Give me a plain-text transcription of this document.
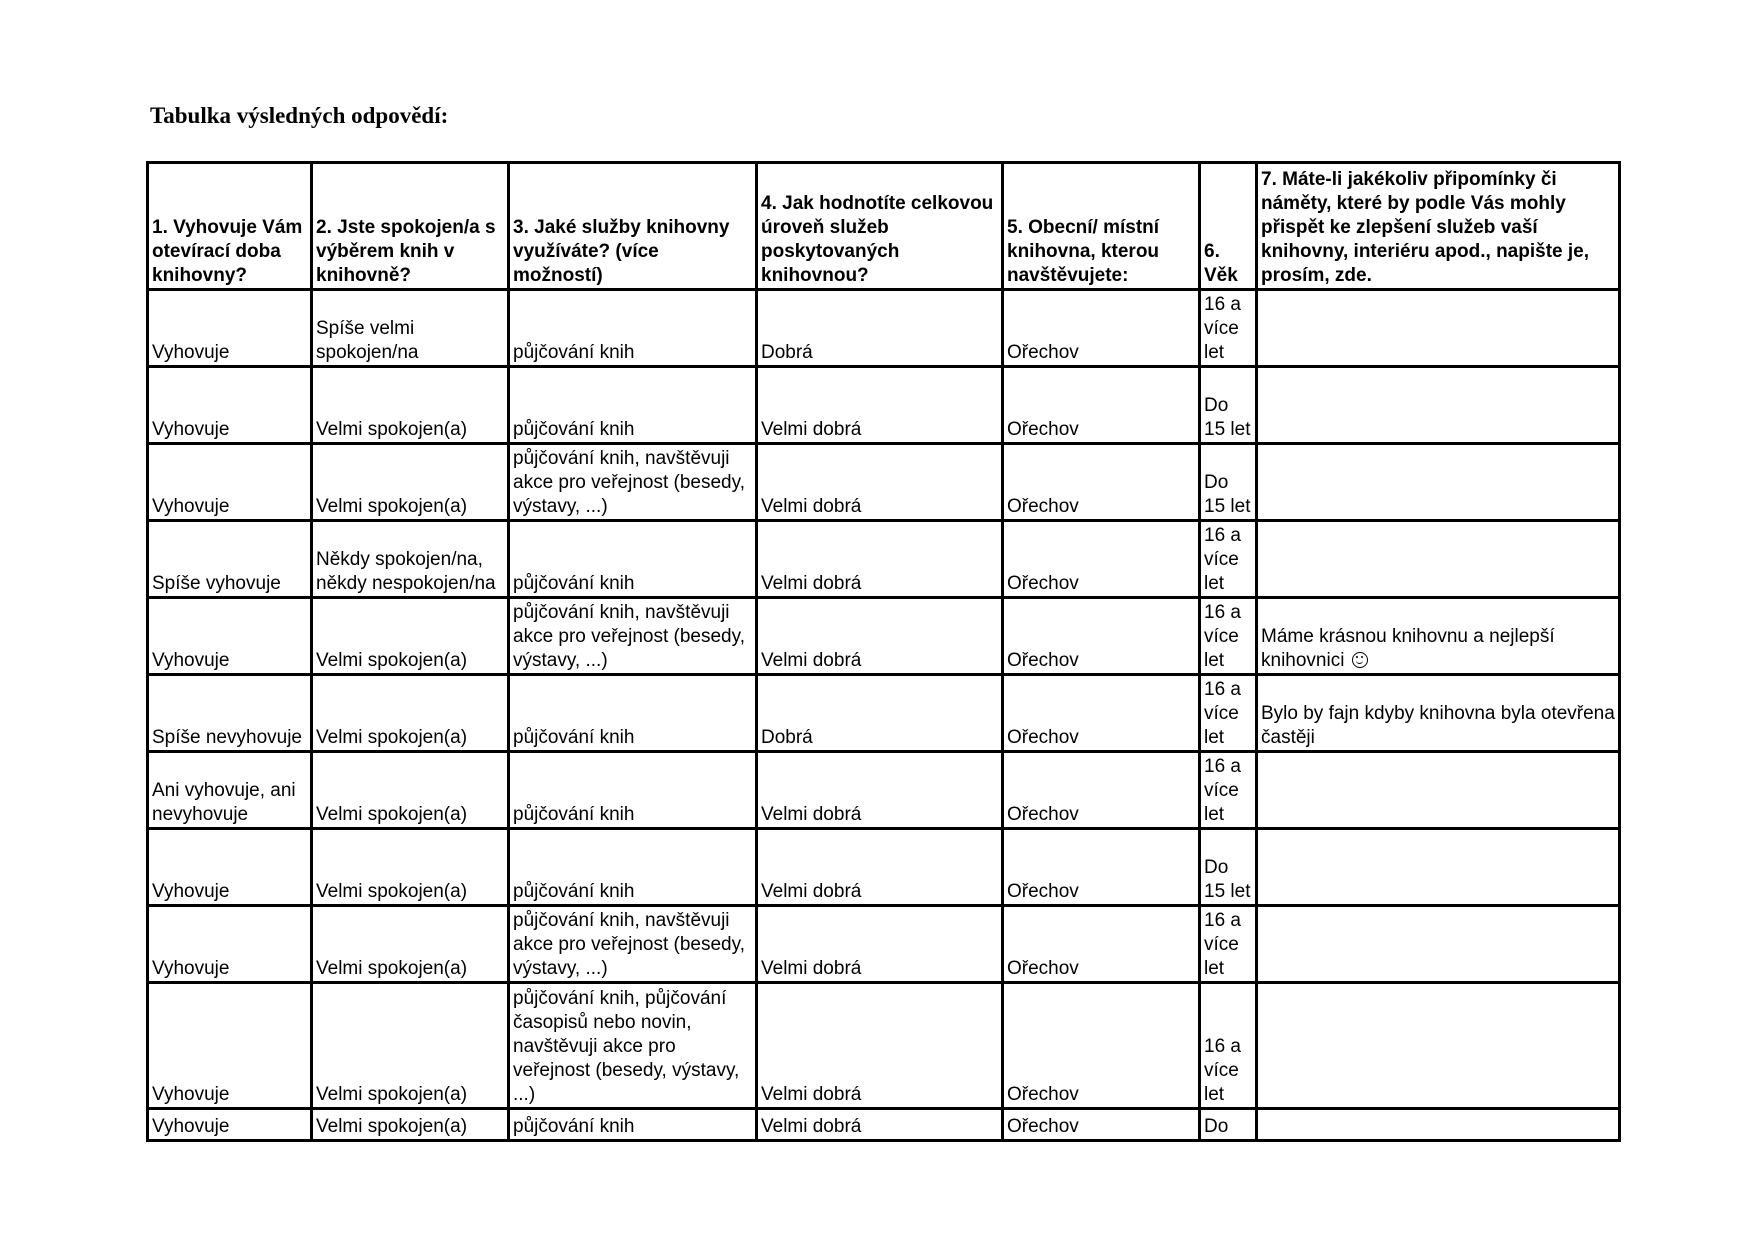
Tabulka výsledných odpovědí:
1. Vyhovuje Vám otevírací doba knihovny?	2. Jste spokojen/a s výběrem knih v knihovně?	3. Jaké služby knihovny využíváte? (více možností)	4. Jak hodnotíte celkovou úroveň služeb poskytovaných knihovnou?	5. Obecní/ místní knihovna, kterou navštěvujete:	6. Věk	7. Máte-li jakékoliv připomínky či náměty, které by podle Vás mohly přispět ke zlepšení služeb vaší knihovny, interiéru apod., napište je, prosím, zde.
Vyhovuje	Spíše velmi spokojen/na	půjčování knih	Dobrá	Ořechov	16 a více let	
Vyhovuje	Velmi spokojen(a)	půjčování knih	Velmi dobrá	Ořechov	Do 15 let	
Vyhovuje	Velmi spokojen(a)	půjčování knih, navštěvuji akce pro veřejnost (besedy, výstavy, ...)	Velmi dobrá	Ořechov	Do 15 let	
Spíše vyhovuje	Někdy spokojen/na, někdy nespokojen/na	půjčování knih	Velmi dobrá	Ořechov	16 a více let	
Vyhovuje	Velmi spokojen(a)	půjčování knih, navštěvuji akce pro veřejnost (besedy, výstavy, ...)	Velmi dobrá	Ořechov	16 a více let	Máme krásnou knihovnu a nejlepší knihovnici
Spíše nevyhovuje	Velmi spokojen(a)	půjčování knih	Dobrá	Ořechov	16 a více let	Bylo by fajn kdyby knihovna byla otevřena častěji
Ani vyhovuje, ani nevyhovuje	Velmi spokojen(a)	půjčování knih	Velmi dobrá	Ořechov	16 a více let	
Vyhovuje	Velmi spokojen(a)	půjčování knih	Velmi dobrá	Ořechov	Do 15 let	
Vyhovuje	Velmi spokojen(a)	půjčování knih, navštěvuji akce pro veřejnost (besedy, výstavy, ...)	Velmi dobrá	Ořechov	16 a více let	
Vyhovuje	Velmi spokojen(a)	půjčování knih, půjčování časopisů nebo novin, navštěvuji akce pro veřejnost (besedy, výstavy, ...)	Velmi dobrá	Ořechov	16 a více let	
Vyhovuje	Velmi spokojen(a)	půjčování knih	Velmi dobrá	Ořechov	Do	
